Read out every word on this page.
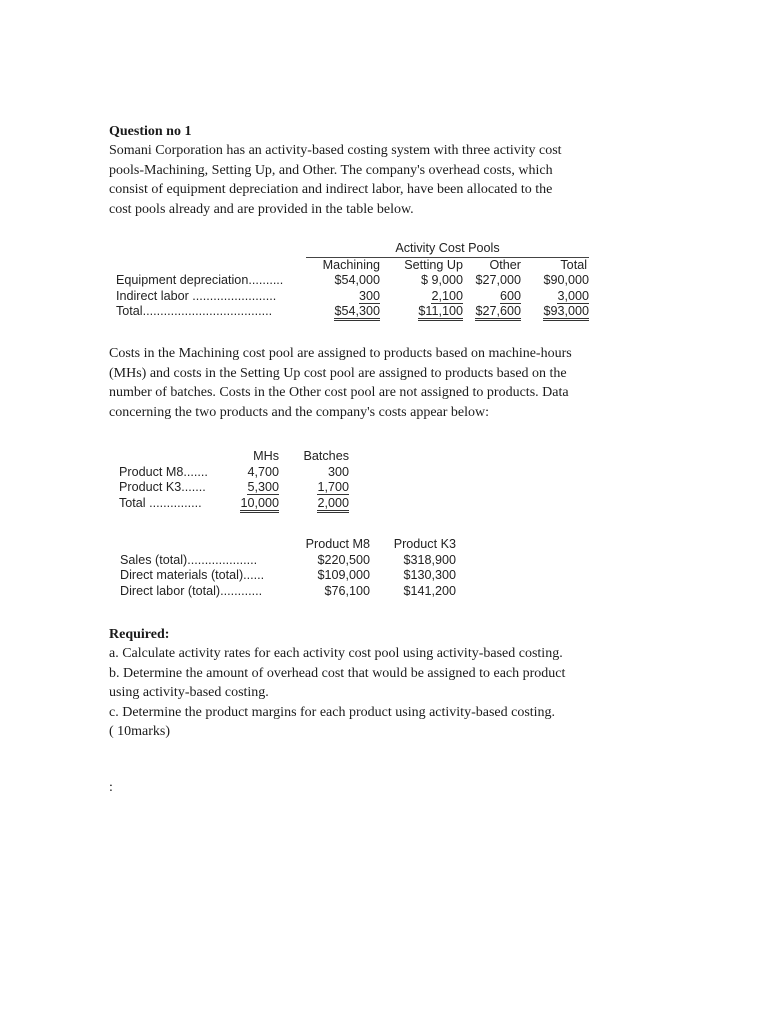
Question no 1
Somani Corporation has an activity-based costing system with three activity cost
pools-Machining, Setting Up, and Other. The company's overhead costs, which
consist of equipment depreciation and indirect labor, have been allocated to the
cost pools already and are provided in the table below.
	Activity Cost Pools			
	Machining	Setting Up	Other	Total
Equipment depreciation..........	$54,000	$ 9,000	$27,000	$90,000
Indirect labor ........................	300	2,100	600	3,000
Total.....................................	$54,300	$11,100	$27,600	$93,000
Costs in the Machining cost pool are assigned to products based on machine-hours
(MHs) and costs in the Setting Up cost pool are assigned to products based on the
number of batches. Costs in the Other cost pool are not assigned to products. Data
concerning the two products and the company's costs appear below:
	MHs	Batches
Product M8.......	4,700	300
Product K3.......	5,300	1,700
Total ...............	10,000	2,000
	Product M8	Product K3
Sales (total)....................	$220,500	$318,900
Direct materials (total)......	$109,000	$130,300
Direct labor (total)............	$76,100	$141,200
Required:
a. Calculate activity rates for each activity cost pool using activity-based costing.
b. Determine the amount of overhead cost that would be assigned to each product
using activity-based costing.
c. Determine the product margins for each product using activity-based costing.
( 10marks)
:
